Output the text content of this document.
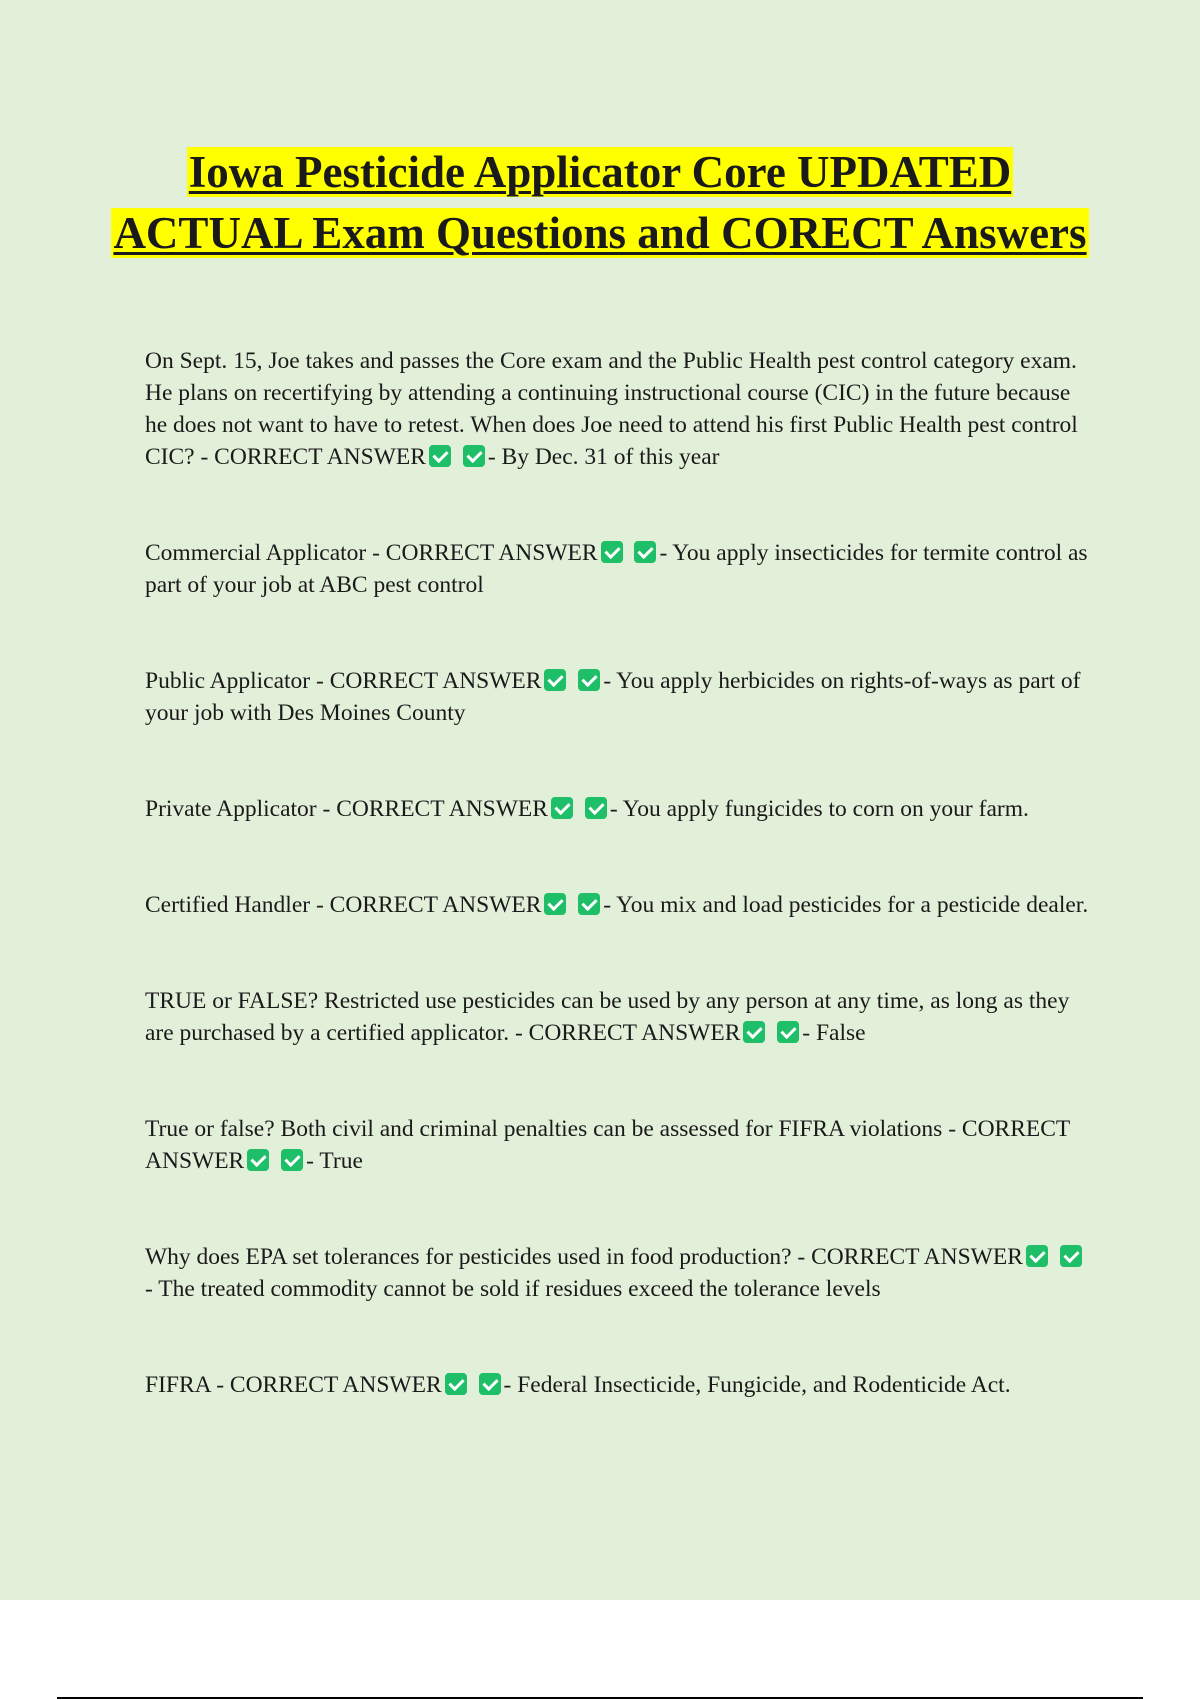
Iowa Pesticide Applicator Core UPDATED ACTUAL Exam Questions and CORECT Answers

On Sept. 15, Joe takes and passes the Core exam and the Public Health pest control category exam. He plans on recertifying by attending a continuing instructional course (CIC) in the future because he does not want to have to retest. When does Joe need to attend his first Public Health pest control CIC? - CORRECT ANSWER	- By Dec. 31 of this year

Commercial Applicator - CORRECT ANSWER	- You apply insecticides for termite control as part of your job at ABC pest control

Public Applicator - CORRECT ANSWER	- You apply herbicides on rights-of-ways as part of your job with Des Moines County

Private Applicator - CORRECT ANSWER	- You apply fungicides to corn on your farm.

Certified Handler - CORRECT ANSWER	- You mix and load pesticides for a pesticide dealer.

TRUE or FALSE? Restricted use pesticides can be used by any person at any time, as long as they are purchased by a certified applicator. - CORRECT ANSWER	- False

True or false? Both civil and criminal penalties can be assessed for FIFRA violations - CORRECT ANSWER	- True

Why does EPA set tolerances for pesticides used in food production? - CORRECT ANSWER - The treated commodity cannot be sold if residues exceed the tolerance levels

FIFRA - CORRECT ANSWER	- Federal Insecticide, Fungicide, and Rodenticide Act.
